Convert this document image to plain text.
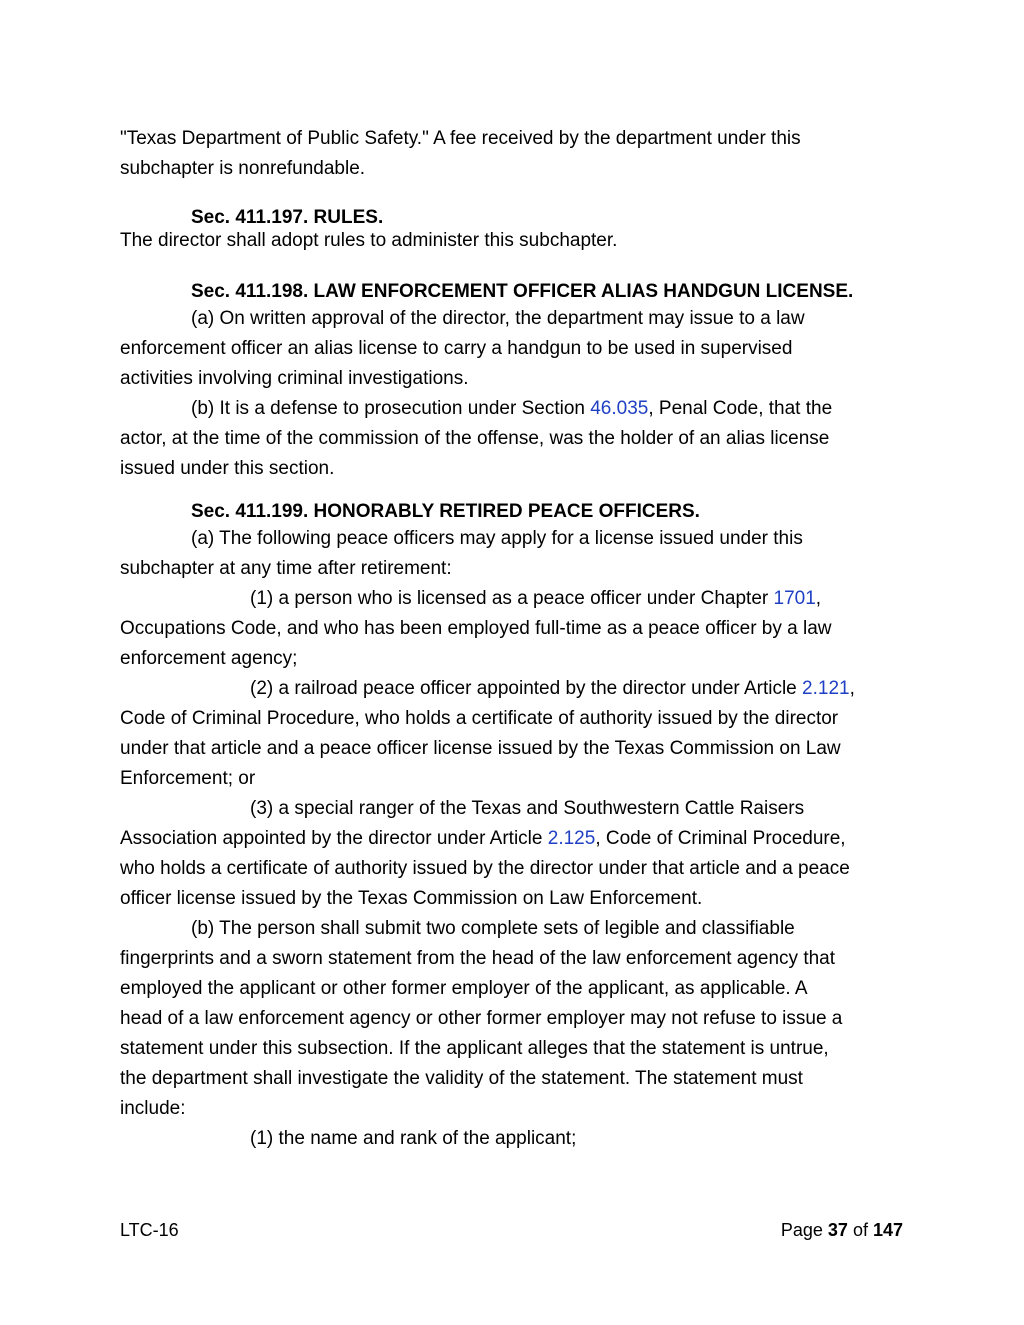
"Texas Department of Public Safety." A fee received by the department under this
subchapter is nonrefundable.
Sec. 411.197. RULES.
The director shall adopt rules to administer this subchapter.
Sec. 411.198. LAW ENFORCEMENT OFFICER ALIAS HANDGUN LICENSE.
(a) On written approval of the director, the department may issue to a law
enforcement officer an alias license to carry a handgun to be used in supervised
activities involving criminal investigations.
(b) It is a defense to prosecution under Section 46.035, Penal Code, that the
actor, at the time of the commission of the offense, was the holder of an alias license
issued under this section.
Sec. 411.199. HONORABLY RETIRED PEACE OFFICERS.
(a) The following peace officers may apply for a license issued under this
subchapter at any time after retirement:
(1) a person who is licensed as a peace officer under Chapter 1701,
Occupations Code, and who has been employed full-time as a peace officer by a law
enforcement agency;
(2) a railroad peace officer appointed by the director under Article 2.121,
Code of Criminal Procedure, who holds a certificate of authority issued by the director
under that article and a peace officer license issued by the Texas Commission on Law
Enforcement; or
(3) a special ranger of the Texas and Southwestern Cattle Raisers
Association appointed by the director under Article 2.125, Code of Criminal Procedure,
who holds a certificate of authority issued by the director under that article and a peace
officer license issued by the Texas Commission on Law Enforcement.
(b) The person shall submit two complete sets of legible and classifiable
fingerprints and a sworn statement from the head of the law enforcement agency that
employed the applicant or other former employer of the applicant, as applicable. A
head of a law enforcement agency or other former employer may not refuse to issue a
statement under this subsection. If the applicant alleges that the statement is untrue,
the department shall investigate the validity of the statement. The statement must
include:
(1) the name and rank of the applicant;
LTC-16	Page 37 of 147
